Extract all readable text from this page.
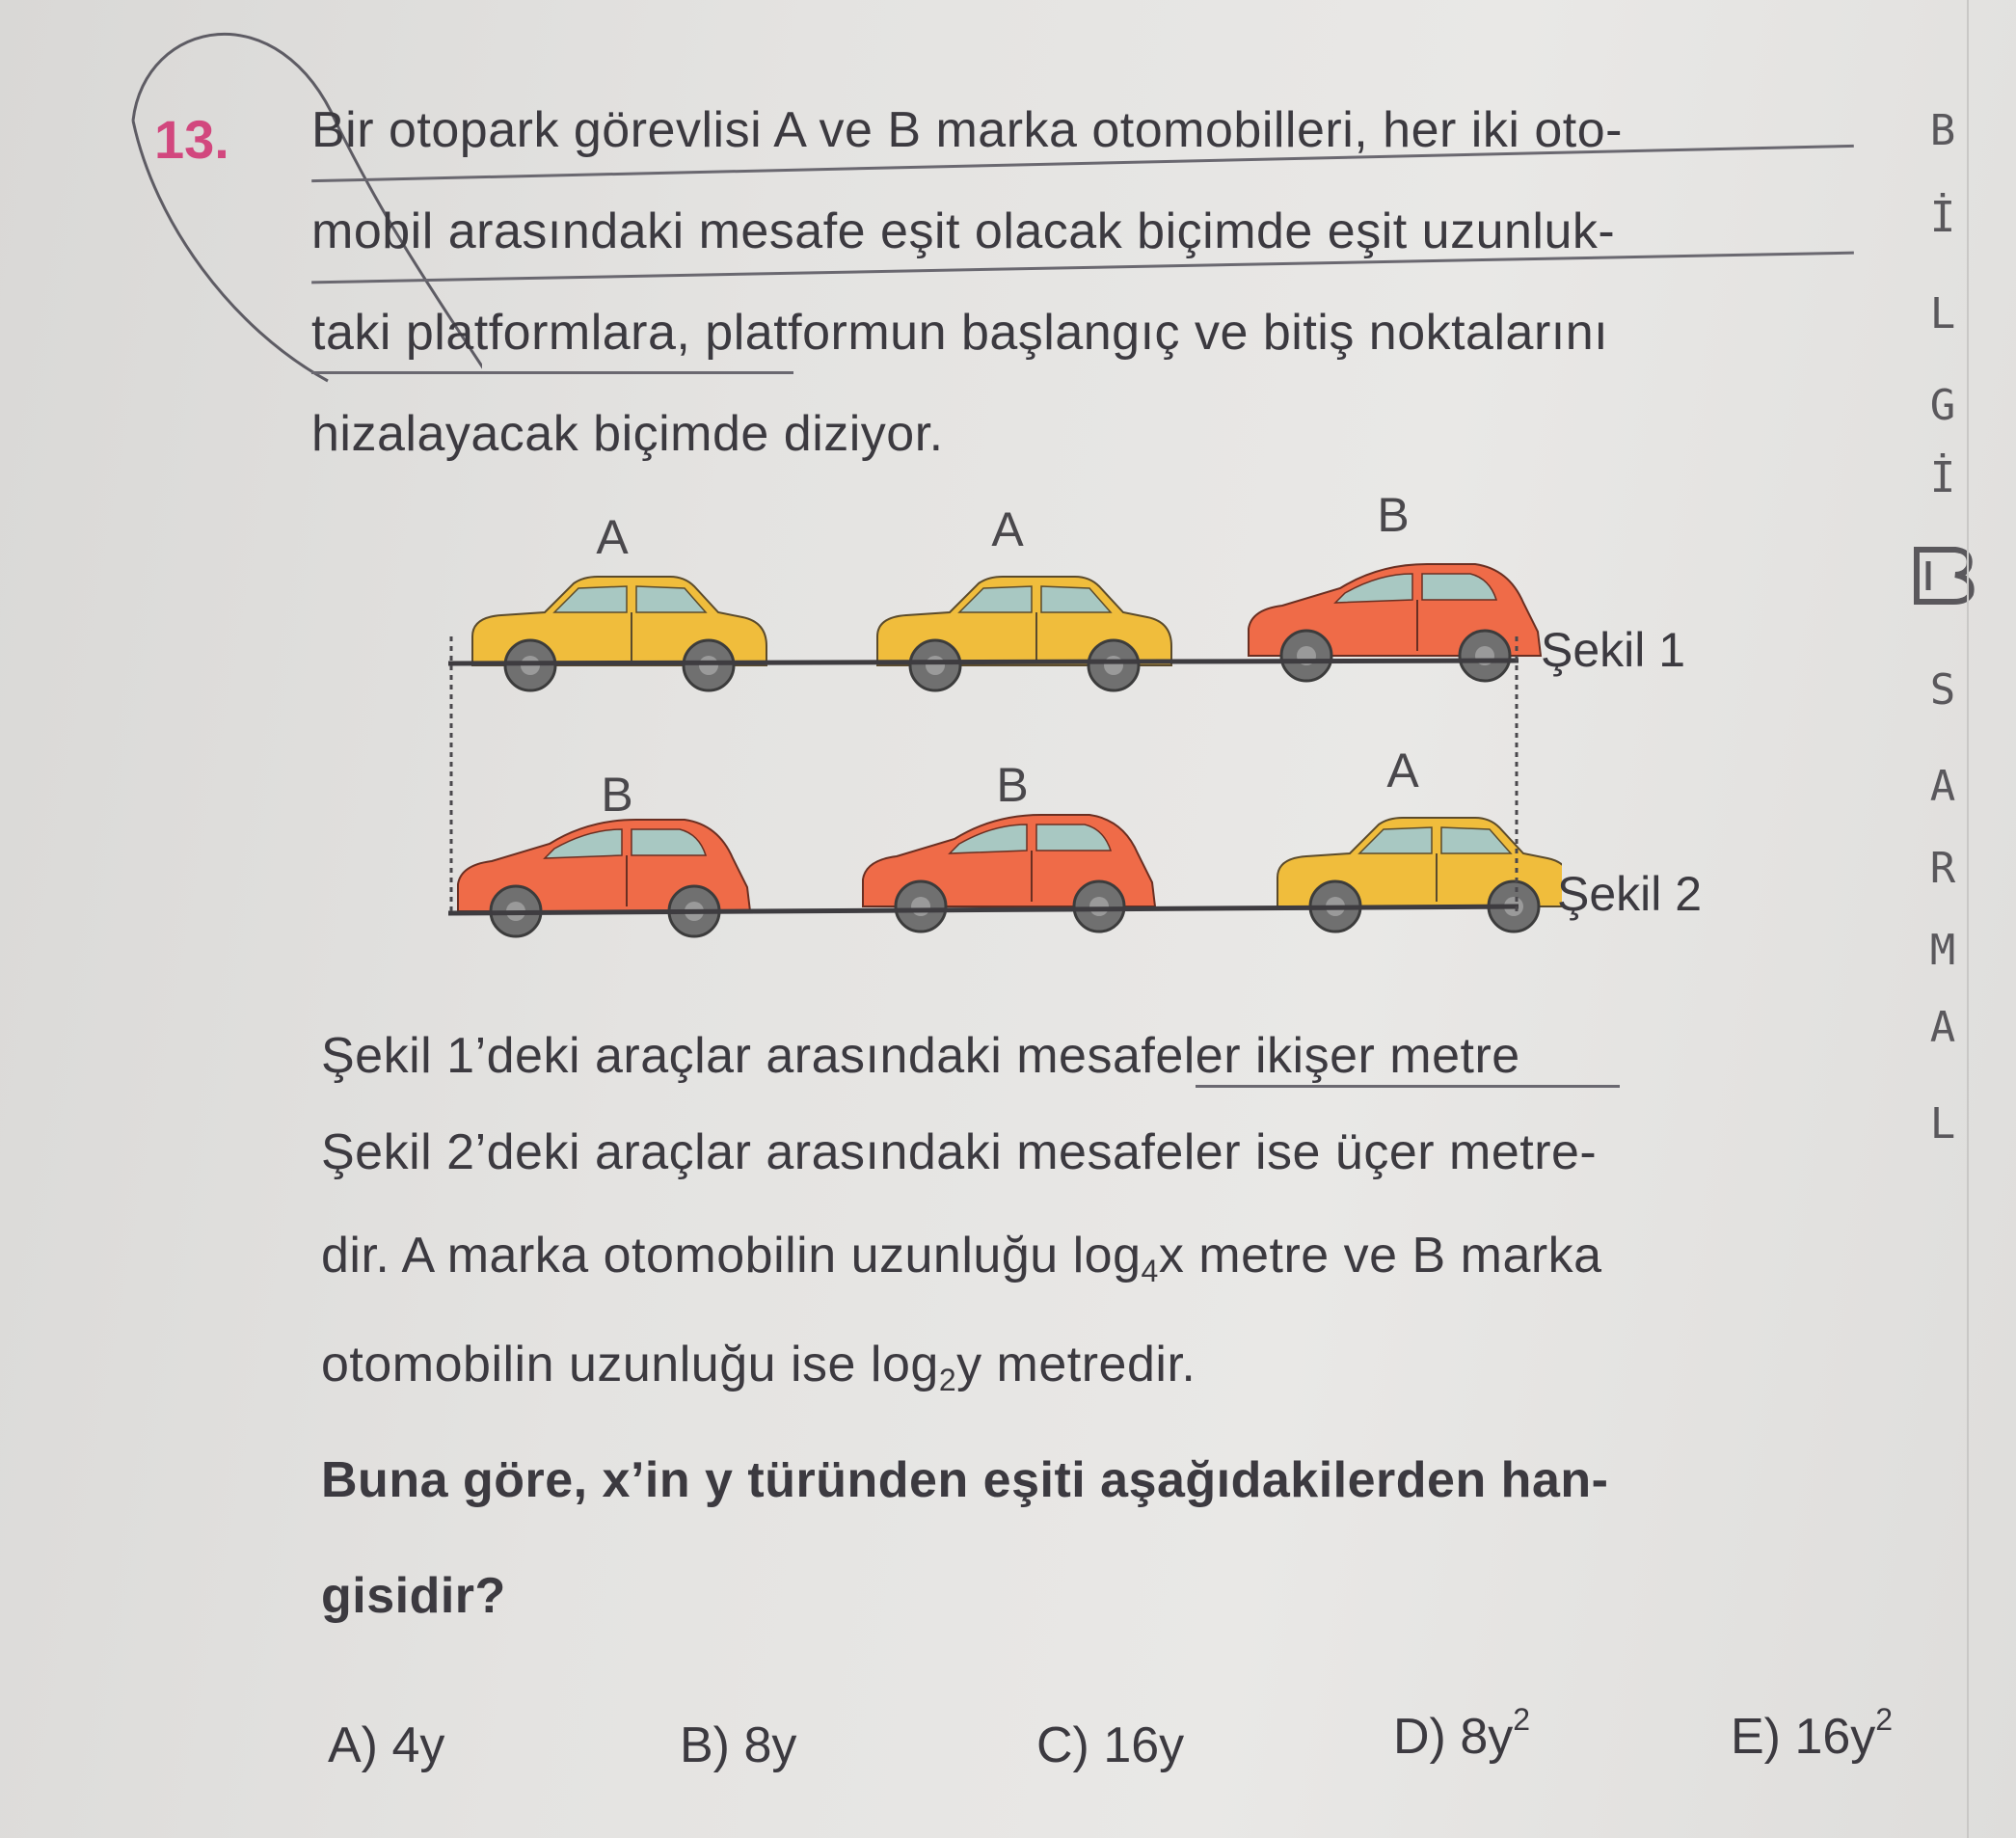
13. Bir otopark görevlisi A ve B marka otomobilleri, her iki oto-
mobil arasındaki mesafe eşit olacak biçimde eşit uzunluk-
taki platformlara, platformun başlangıç ve bitiş noktalarını
hizalayacak biçimde diziyor.
A	A	B
Şekil 1
B	B	A
Şekil 2
Şekil 1’deki araçlar arasındaki mesafeler ikişer metre
Şekil 2’deki araçlar arasındaki mesafeler ise üçer metre-
dir. A marka otomobilin uzunluğu $\log_4x$ metre ve B marka
otomobilin uzunluğu ise $\log_2y$ metredir.
Buna göre, x’in y türünden eşiti aşağıdakilerden han-
gisidir?
A) 4y	B) 8y	C) 16y	D) $8y^2$	E) $16y^2$
B
İ
L
G
İ
S
A
R
M
A
L
